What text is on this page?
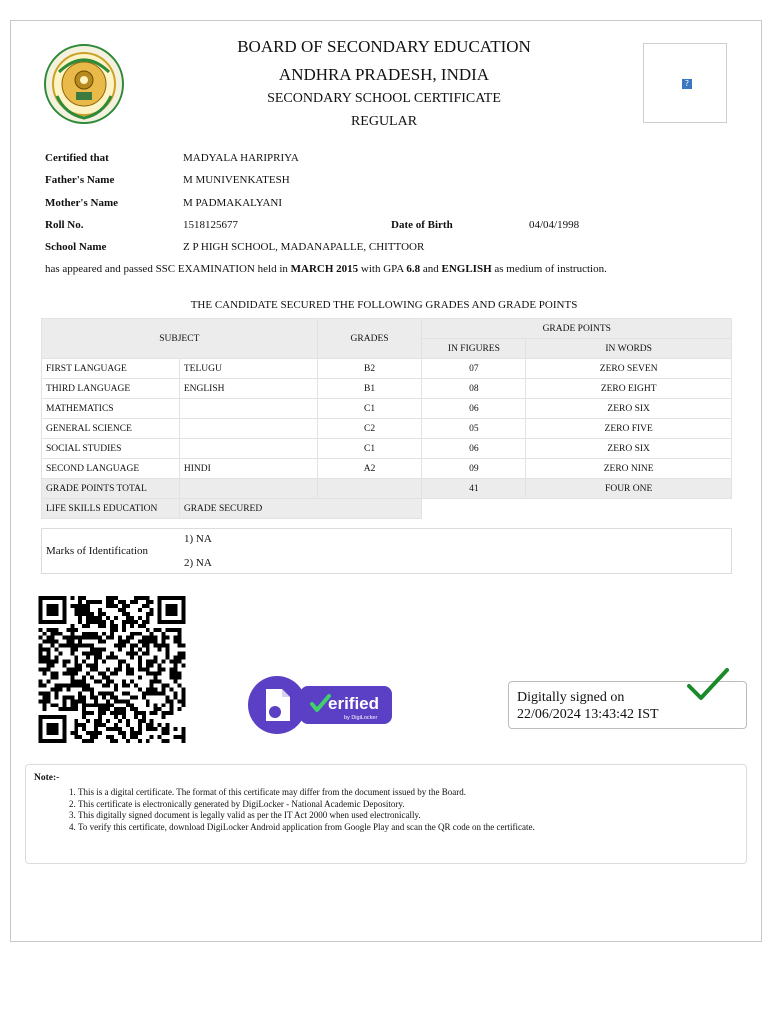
BOARD OF SECONDARY EDUCATION
ANDHRA PRADESH, INDIA
SECONDARY SCHOOL CERTIFICATE
REGULAR
?
Certified that	MADYALA HARIPRIYA
Father's Name	M MUNIVENKATESH
Mother's Name	M PADMAKALYANI
Roll No.	1518125677	Date of Birth	04/04/1998
School Name	Z P HIGH SCHOOL, MADANAPALLE, CHITTOOR
has appeared and passed SSC EXAMINATION held in MARCH 2015 with GPA 6.8 and ENGLISH as medium of instruction.
THE CANDIDATE SECURED THE FOLLOWING GRADES AND GRADE POINTS
SUBJECT		GRADES	GRADE POINTS	
			IN FIGURES	IN WORDS
FIRST LANGUAGE	TELUGU	B2	07	ZERO SEVEN
THIRD LANGUAGE	ENGLISH	B1	08	ZERO EIGHT
MATHEMATICS		C1	06	ZERO SIX
GENERAL SCIENCE		C2	05	ZERO FIVE
SOCIAL STUDIES		C1	06	ZERO SIX
SECOND LANGUAGE	HINDI	A2	09	ZERO NINE
GRADE POINTS TOTAL			41	FOUR ONE
LIFE SKILLS EDUCATION	GRADE SECURED			
Marks of Identification
1) NA
2) NA
erified
by DigiLocker
Digitally signed on
22/06/2024 13:43:42 IST
Note:-
1. This is a digital certificate. The format of this certificate may differ from the document issued by the Board.
2. This certificate is electronically generated by DigiLocker - National Academic Depository.
3. This digitally signed document is legally valid as per the IT Act 2000 when used electronically.
4. To verify this certificate, download DigiLocker Android application from Google Play and scan the QR code on the certificate.
